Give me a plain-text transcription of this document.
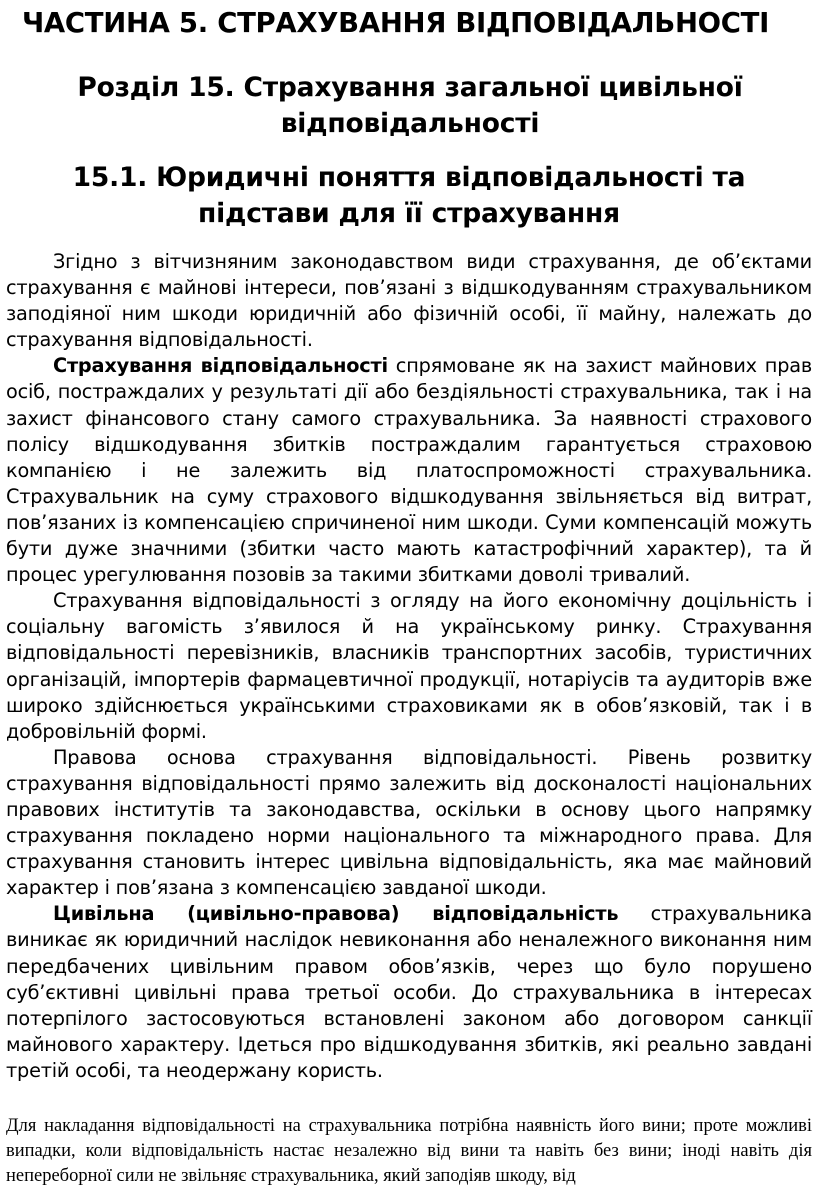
ЧАСТИНА 5. СТРАХУВАННЯ ВІДПОВІДАЛЬНОСТІ
Розділ 15. Страхування загальної цивільної відповідальності
15.1. Юридичні поняття відповідальності та підстави для її страхування

Згідно з вітчизняним законодавством види страхування, де об’єктами страхування є майнові інтереси, пов’язані з відшкодуванням страхувальником заподіяної ним шкоди юридичній або фізичній особі, її майну, належать до страхування відповідальності.

Страхування відповідальності спрямоване як на захист майнових прав осіб, постраждалих у результаті дії або бездіяльності страхувальника, так і на захист фінансового стану самого страхувальника. За наявності страхового полісу відшкодування збитків постраждалим гарантується страховою компанією і не залежить від платоспроможності страхувальника. Страхувальник на суму страхового відшкодування звільняється від витрат, пов’язаних із компенсацією спричиненої ним шкоди. Суми компенсацій можуть бути дуже значними (збитки часто мають катастрофічний характер), та й процес урегулювання позовів за такими збитками доволі тривалий.

Страхування відповідальності з огляду на його економічну доцільність і соціальну вагомість з’явилося й на українському ринку. Страхування відповідальності перевізників, власників транспортних засобів, туристичних організацій, імпортерів фармацевтичної продукції, нотаріусів та аудиторів вже широко здійснюється українськими страховиками як в обов’язковій, так і в добровільній формі.

Правова основа страхування відповідальності. Рівень розвитку страхування відповідальності прямо залежить від досконалості національних правових інститутів та законодавства, оскільки в основу цього напрямку страхування покладено норми національного та міжнародного права. Для страхування становить інтерес цивільна відповідальність, яка має майновий характер і пов’язана з компенсацією завданої шкоди.

Цивільна (цивільно-правова) відповідальність страхувальника виникає як юридичний наслідок невиконання або неналежного виконання ним передбачених цивільним правом обов’язків, через що було порушено суб’єктивні цивільні права третьої особи. До страхувальника в інтересах потерпілого застосовуються встановлені законом або договором санкції майнового характеру. Ідеться про відшкодування збитків, які реально завдані третій особі, та неодержану користь.

Для накладання відповідальності на страхувальника потрібна наявність його вини; проте можливі випадки, коли відповідальність настає незалежно від вини та навіть без вини; іноді навіть дія непереборної сили не звільняє страхувальника, який заподіяв шкоду, від
